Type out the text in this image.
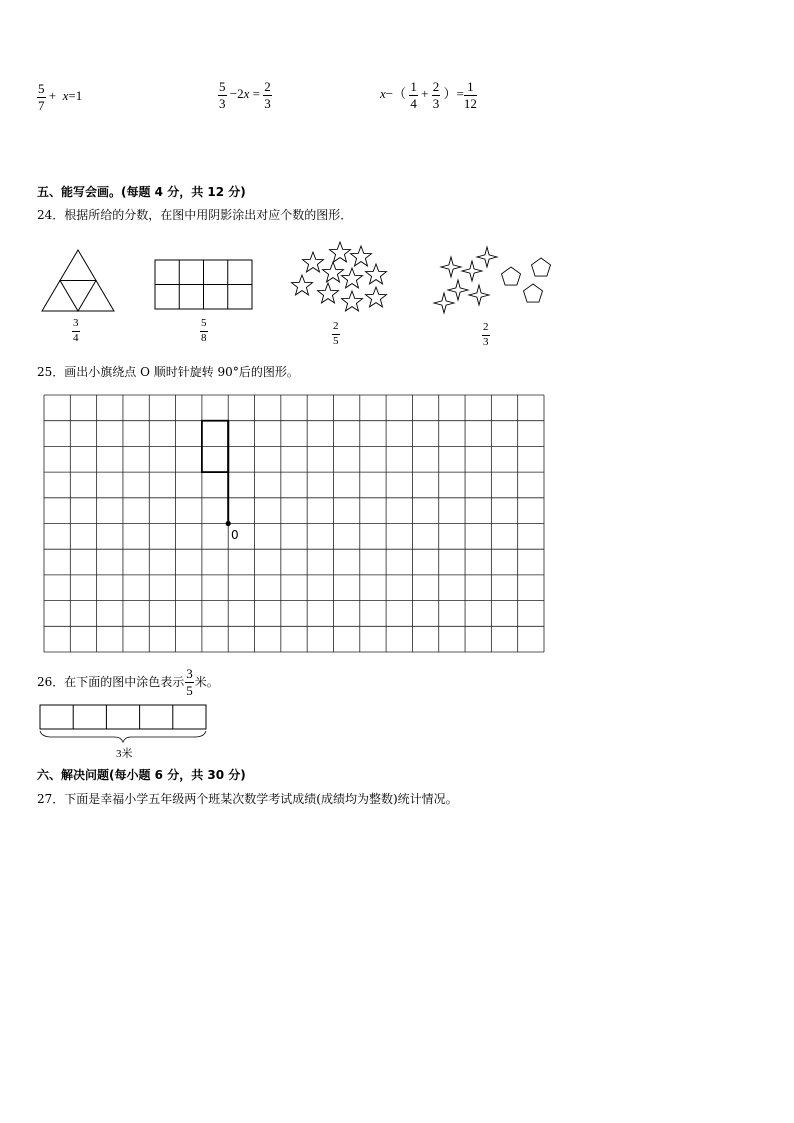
$\frac{5}{7} + x=1$	$\frac{5}{3} -2x = \frac{2}{3}$	$x-( \frac{1}{4} + \frac{2}{3}$ ）= $\frac{1}{12}$
五、能写会画。(每题 4 分，共 12 分)
24．根据所给的分数，在图中用阴影涂出对应个数的图形．
$\frac{3}{4}$	$\frac{5}{8}$	$\frac{2}{5}$	$\frac{2}{3}$
25．画出小旗绕点 O 顺时针旋转 90°后的图形。
0
26．在下面的图中涂色表示 $\frac{3}{5}$ 米。
3米
六、解决问题(每小题 6 分，共 30 分)
27．下面是幸福小学五年级两个班某次数学考试成绩(成绩均为整数)统计情况。
